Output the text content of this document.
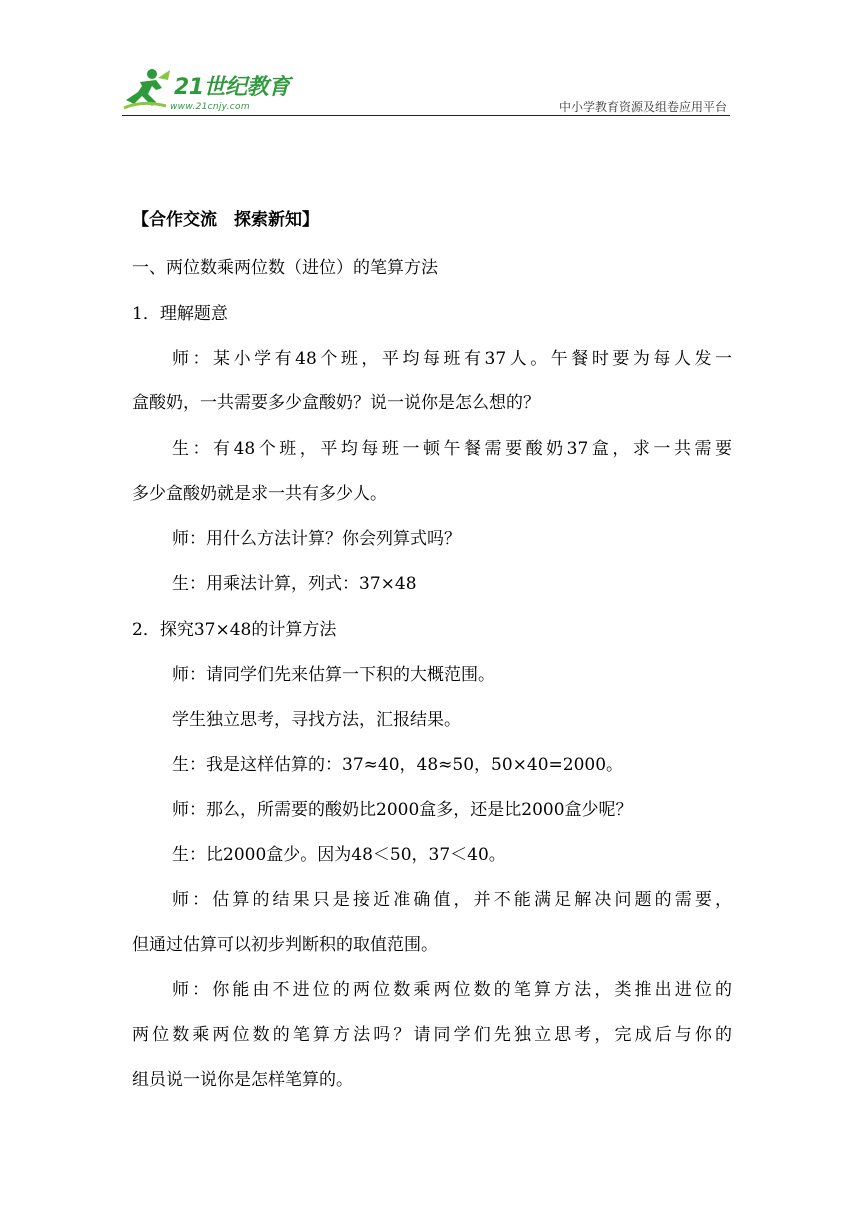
21世纪教育
www.21cnjy.com	中小学教育资源及组卷应用平台
【合作交流　探索新知】
一、两位数乘两位数（进位）的笔算方法
1．理解题意
师：某小学有48个班，平均每班有37人。午餐时要为每人发一
盒酸奶，一共需要多少盒酸奶？说一说你是怎么想的？
生：有48个班，平均每班一顿午餐需要酸奶37盒，求一共需要
多少盒酸奶就是求一共有多少人。
师：用什么方法计算？你会列算式吗？
生：用乘法计算，列式：37×48
2．探究37×48的计算方法
师：请同学们先来估算一下积的大概范围。
学生独立思考，寻找方法，汇报结果。
生：我是这样估算的：37≈40，48≈50，50×40=2000。
师：那么，所需要的酸奶比2000盒多，还是比2000盒少呢？
生：比2000盒少。因为48＜50，37＜40。
师：估算的结果只是接近准确值，并不能满足解决问题的需要，
但通过估算可以初步判断积的取值范围。
师：你能由不进位的两位数乘两位数的笔算方法，类推出进位的
两位数乘两位数的笔算方法吗？请同学们先独立思考，完成后与你的
组员说一说你是怎样笔算的。
